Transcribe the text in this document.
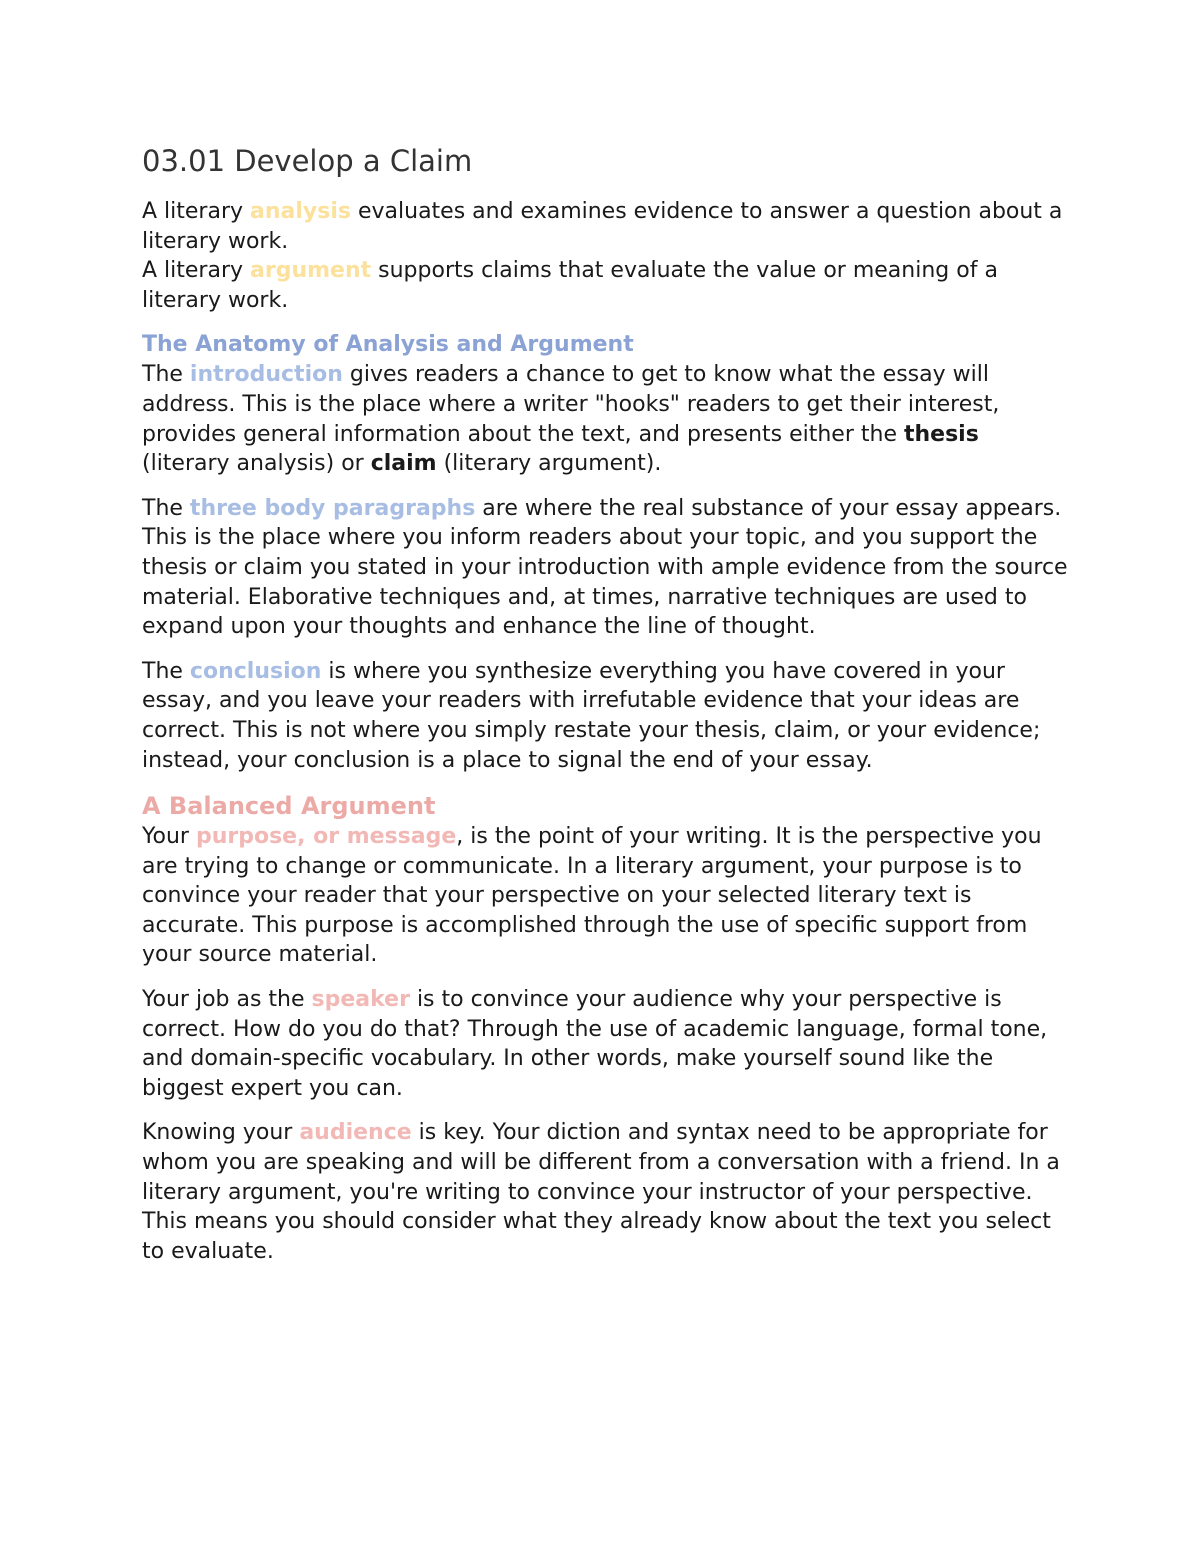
03.01 Develop a Claim

A literary analysis evaluates and examines evidence to answer a question about a literary work.

A literary argument supports claims that evaluate the value or meaning of a literary work.

The Anatomy of Analysis and Argument

The introduction gives readers a chance to get to know what the essay will address. This is the place where a writer "hooks" readers to get their interest, provides general information about the text, and presents either the thesis (literary analysis) or claim (literary argument).

The three body paragraphs are where the real substance of your essay appears. This is the place where you inform readers about your topic, and you support the thesis or claim you stated in your introduction with ample evidence from the source material. Elaborative techniques and, at times, narrative techniques are used to expand upon your thoughts and enhance the line of thought.

The conclusion is where you synthesize everything you have covered in your essay, and you leave your readers with irrefutable evidence that your ideas are correct. This is not where you simply restate your thesis, claim, or your evidence; instead, your conclusion is a place to signal the end of your essay.

A Balanced Argument

Your purpose, or message, is the point of your writing. It is the perspective you are trying to change or communicate. In a literary argument, your purpose is to convince your reader that your perspective on your selected literary text is accurate. This purpose is accomplished through the use of specific support from your source material.

Your job as the speaker is to convince your audience why your perspective is correct. How do you do that? Through the use of academic language, formal tone, and domain-specific vocabulary. In other words, make yourself sound like the biggest expert you can.

Knowing your audience is key. Your diction and syntax need to be appropriate for whom you are speaking and will be different from a conversation with a friend. In a literary argument, you're writing to convince your instructor of your perspective. This means you should consider what they already know about the text you select to evaluate.
